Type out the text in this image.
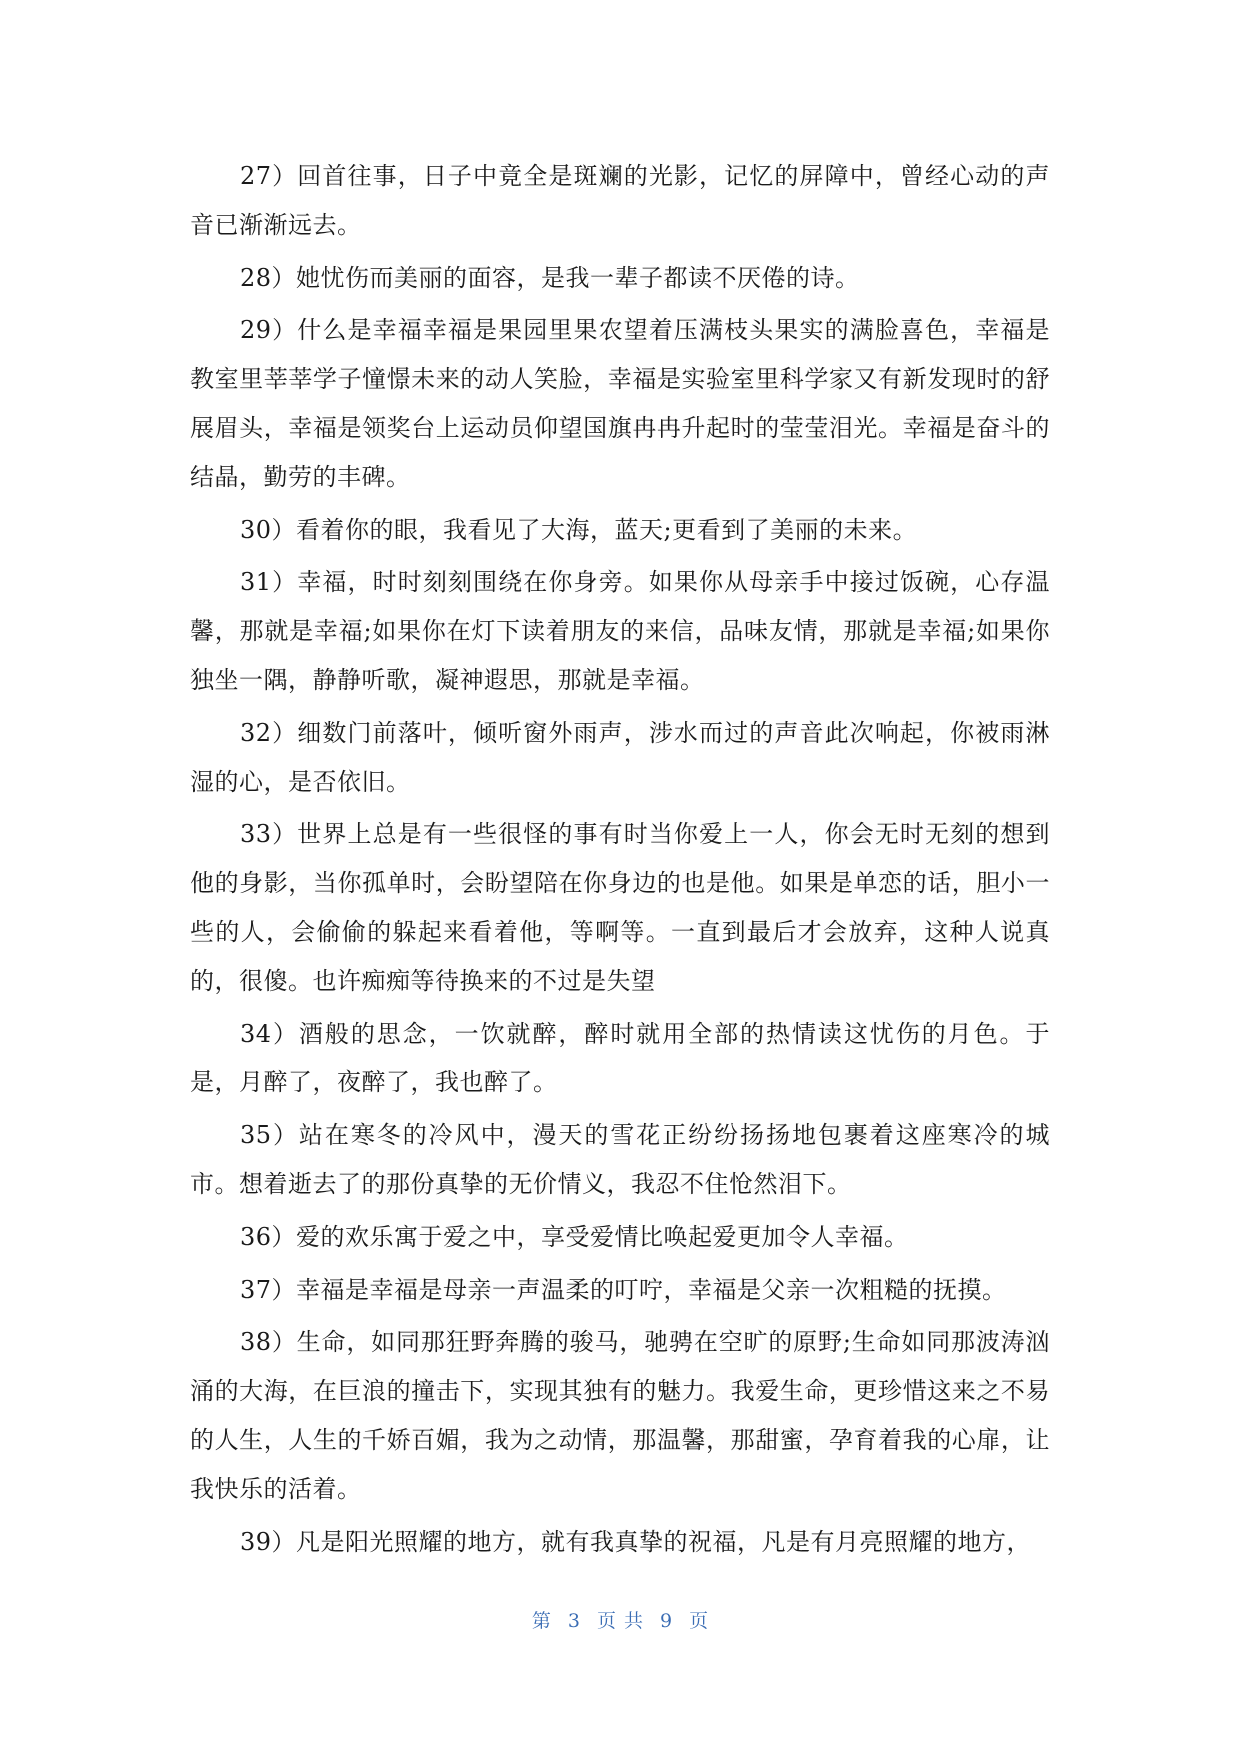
27）回首往事，日子中竟全是斑斓的光影，记忆的屏障中，曾经心动的声音已渐渐远去。

28）她忧伤而美丽的面容，是我一辈子都读不厌倦的诗。

29）什么是幸福幸福是果园里果农望着压满枝头果实的满脸喜色，幸福是教室里莘莘学子憧憬未来的动人笑脸，幸福是实验室里科学家又有新发现时的舒展眉头，幸福是领奖台上运动员仰望国旗冉冉升起时的莹莹泪光。幸福是奋斗的结晶，勤劳的丰碑。

30）看着你的眼，我看见了大海，蓝天;更看到了美丽的未来。

31）幸福，时时刻刻围绕在你身旁。如果你从母亲手中接过饭碗，心存温馨，那就是幸福;如果你在灯下读着朋友的来信，品味友情，那就是幸福;如果你独坐一隅，静静听歌，凝神遐思，那就是幸福。

32）细数门前落叶，倾听窗外雨声，涉水而过的声音此次响起，你被雨淋湿的心，是否依旧。

33）世界上总是有一些很怪的事有时当你爱上一人，你会无时无刻的想到他的身影，当你孤单时，会盼望陪在你身边的也是他。如果是单恋的话，胆小一些的人，会偷偷的躲起来看着他，等啊等。一直到最后才会放弃，这种人说真的，很傻。也许痴痴等待换来的不过是失望

34）酒般的思念，一饮就醉，醉时就用全部的热情读这忧伤的月色。于是，月醉了，夜醉了，我也醉了。

35）站在寒冬的冷风中，漫天的雪花正纷纷扬扬地包裹着这座寒冷的城市。想着逝去了的那份真挚的无价情义，我忍不住怆然泪下。

36）爱的欢乐寓于爱之中，享受爱情比唤起爱更加令人幸福。

37）幸福是幸福是母亲一声温柔的叮咛，幸福是父亲一次粗糙的抚摸。

38）生命，如同那狂野奔腾的骏马，驰骋在空旷的原野;生命如同那波涛汹涌的大海，在巨浪的撞击下，实现其独有的魅力。我爱生命，更珍惜这来之不易的人生，人生的千娇百媚，我为之动情，那温馨，那甜蜜，孕育着我的心扉，让我快乐的活着。

39）凡是阳光照耀的地方，就有我真挚的祝福，凡是有月亮照耀的地方，

第 3 页 共 9 页
